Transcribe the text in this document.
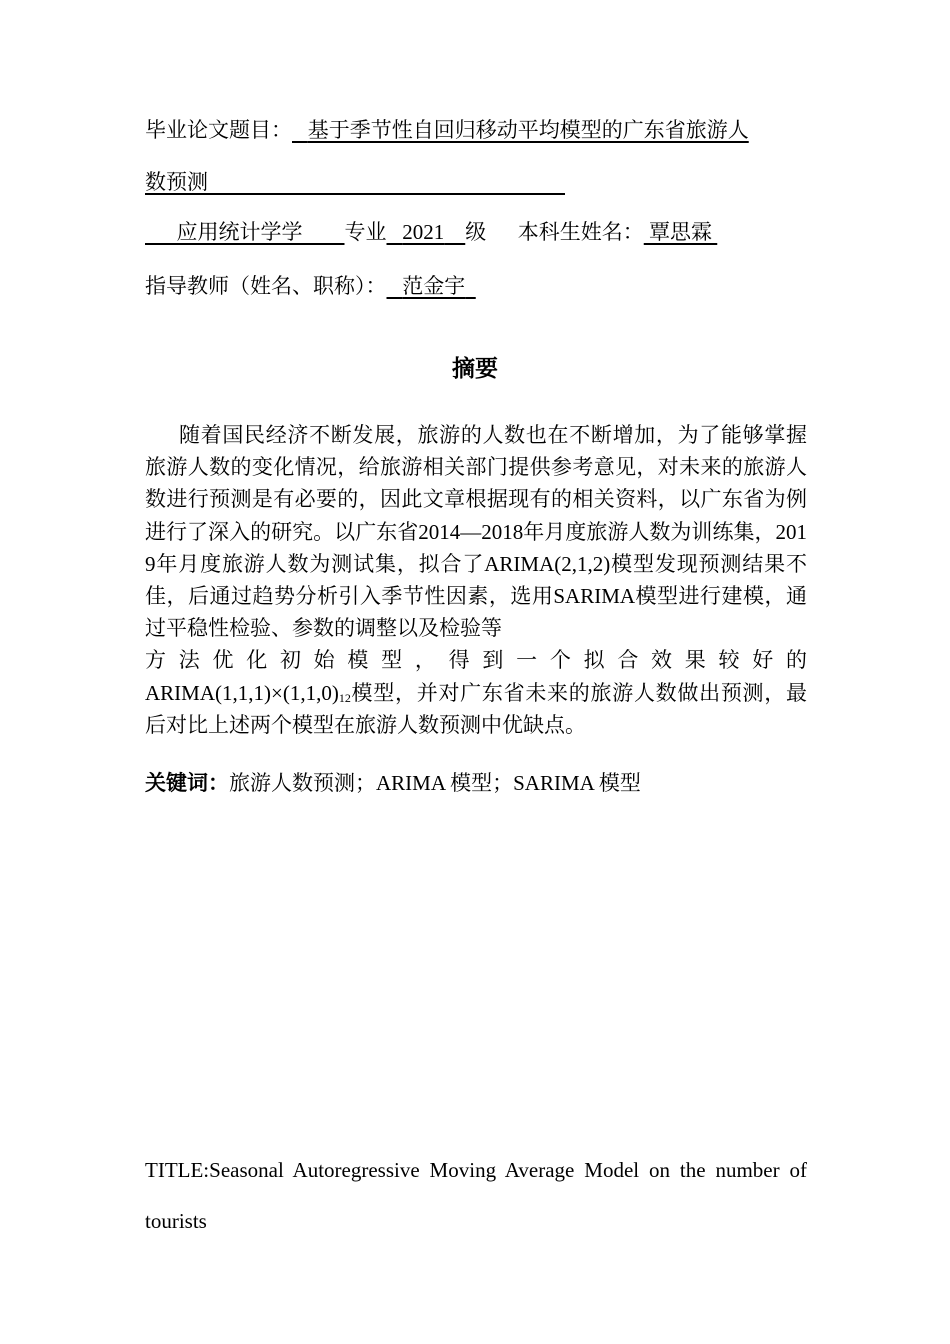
毕业论文题目： 基于季节性自回归移动平均模型的广东省旅游人
数预测
应用统计学学 专业 2021 级 本科生姓名： 覃思霖
指导教师（姓名、职称）： 范金宇
摘要
随着国民经济不断发展，旅游的人数也在不断增加，为了能够掌握旅游人数的变化情况，给旅游相关部门提供参考意见，对未来的旅游人数进行预测是有必要的，因此文章根据现有的相关资料，以广东省为例进行了深入的研究。以广东省2014—2018年月度旅游人数为训练集，2019年月度旅游人数为测试集，拟合了ARIMA(2,1,2)模型发现预测结果不佳，后通过趋势分析引入季节性因素，选用SARIMA模型进行建模，通过平稳性检验、参数的调整以及检验等
方 法 优 化 初 始 模 型 ， 得 到 一 个 拟 合 效 果 较 好 的
$ARIMA(1,1,1)\times(1,1,0)_{12}$模型，并对广东省未来的旅游人数做出预测，最后对比上述两个模型在旅游人数预测中优缺点。
关键词：旅游人数预测；ARIMA 模型；SARIMA 模型
TITLE:Seasonal Autoregressive Moving Average Model on the number of tourists
